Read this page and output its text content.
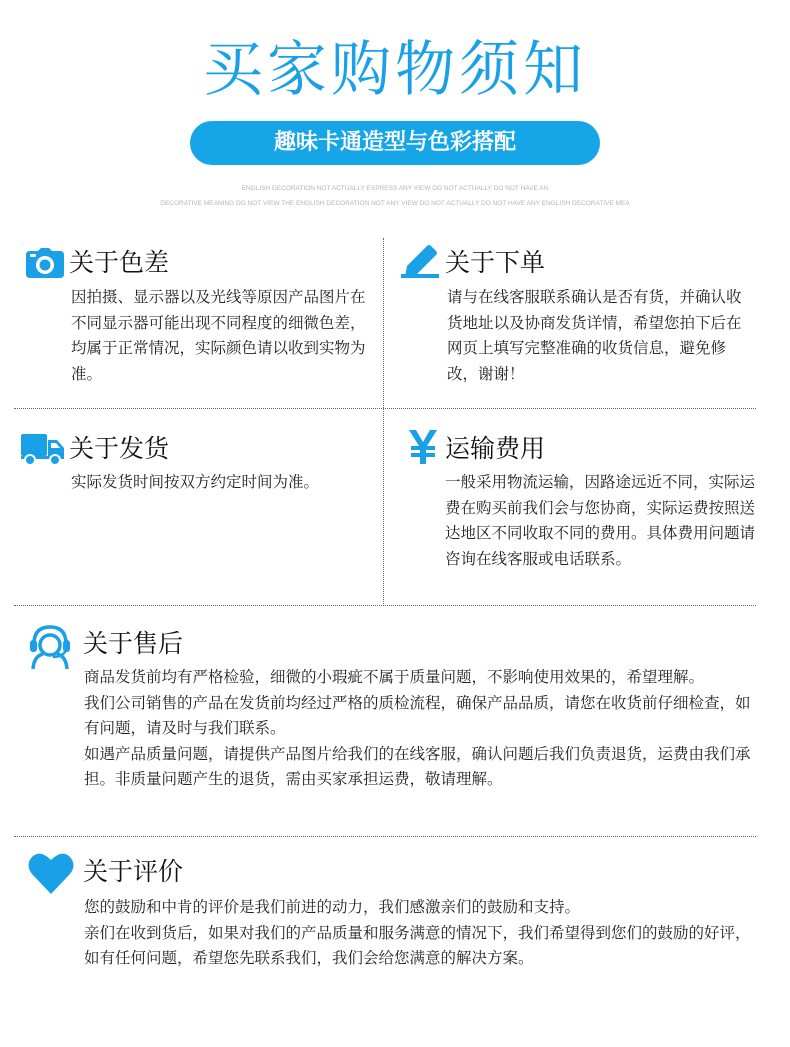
买家购物须知
趣味卡通造型与色彩搭配
ENGLISH DECORATION NOT ACTUALLY EXPRESS ANY VIEW DO NOT ACTUALLY DO NOT HAVE AN
DECORATIVE MEANING DO NOT VIEW THE ENGLISH DECORATION NOT ANY VIEW DO NOT ACTUALLY DO NOT HAVE ANY ENGLISH DECORATIVE MEA
关于色差
因拍摄、显示器以及光线等原因产品图片在不同显示器可能出现不同程度的细微色差，均属于正常情况，实际颜色请以收到实物为准。
关于下单
请与在线客服联系确认是否有货，并确认收货地址以及协商发货详情，希望您拍下后在网页上填写完整准确的收货信息，避免修改，谢谢！
关于发货
实际发货时间按双方约定时间为准。
运输费用
一般采用物流运输，因路途远近不同，实际运费在购买前我们会与您协商，实际运费按照送达地区不同收取不同的费用。具体费用问题请咨询在线客服或电话联系。
关于售后
商品发货前均有严格检验，细微的小瑕疵不属于质量问题，不影响使用效果的，希望理解。
我们公司销售的产品在发货前均经过严格的质检流程，确保产品品质，请您在收货前仔细检查，如有问题，请及时与我们联系。
如遇产品质量问题，请提供产品图片给我们的在线客服，确认问题后我们负责退货，运费由我们承担。非质量问题产生的退货，需由买家承担运费，敬请理解。
关于评价
您的鼓励和中肯的评价是我们前进的动力，我们感激亲们的鼓励和支持。
亲们在收到货后，如果对我们的产品质量和服务满意的情况下，我们希望得到您们的鼓励的好评，如有任何问题，希望您先联系我们，我们会给您满意的解决方案。
